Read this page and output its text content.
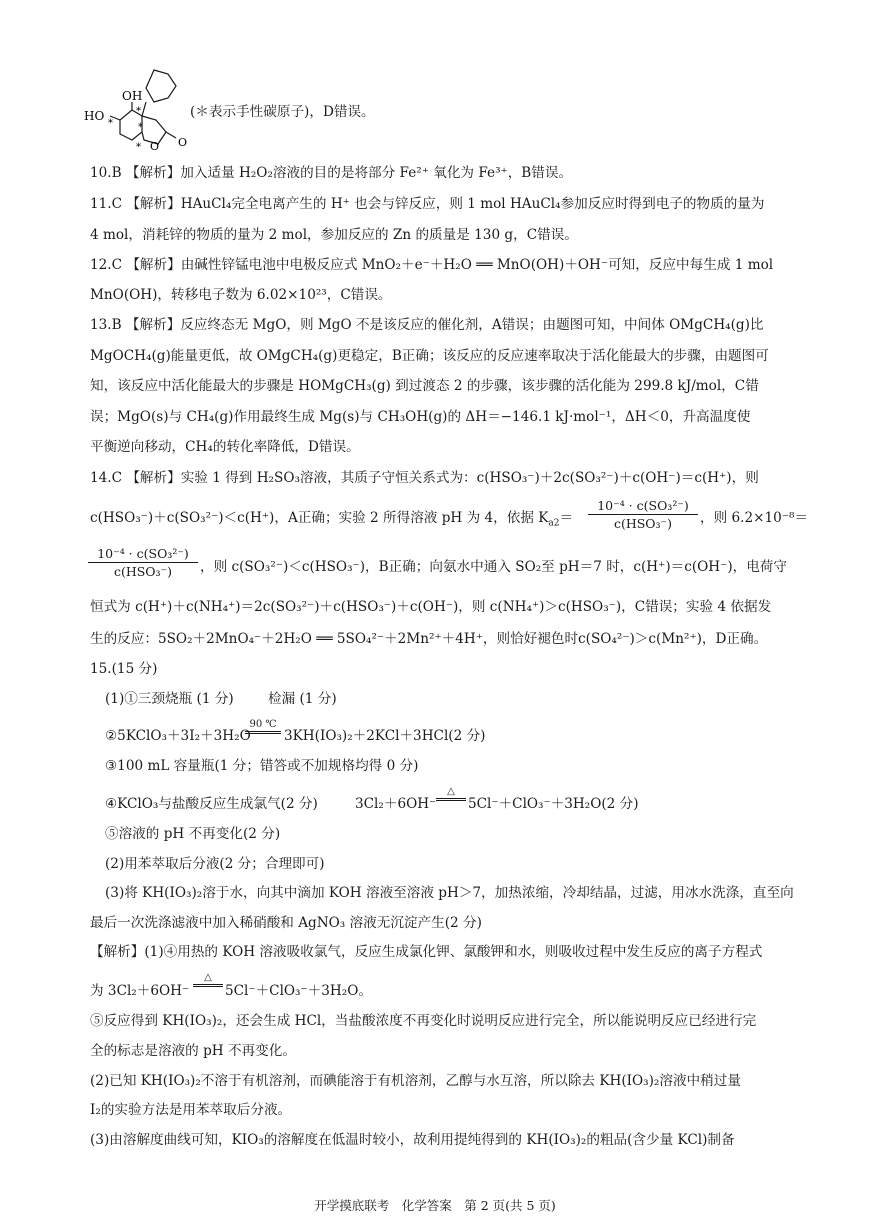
HO
OH
O O
*
*
*
*
(＊表示手性碳原子)，D错误。
10.B 【解析】加入适量 H₂O₂溶液的目的是将部分 Fe²⁺ 氧化为 Fe³⁺，B错误。
11.C 【解析】HAuCl₄完全电离产生的 H⁺ 也会与锌反应，则 1 mol HAuCl₄参加反应时得到电子的物质的量为
4 mol，消耗锌的物质的量为 2 mol，参加反应的 Zn 的质量是 130 g，C错误。
12.C 【解析】由碱性锌锰电池中电极反应式 MnO₂＋e⁻＋H₂O ══ MnO(OH)＋OH⁻可知，反应中每生成 1 mol
MnO(OH)，转移电子数为 6.02×10²³，C错误。
13.B 【解析】反应终态无 MgO，则 MgO 不是该反应的催化剂，A错误；由题图可知，中间体 OMgCH₄(g)比
MgOCH₄(g)能量更低，故 OMgCH₄(g)更稳定，B正确；该反应的反应速率取决于活化能最大的步骤，由题图可
知，该反应中活化能最大的步骤是 HOMgCH₃(g) 到过渡态 2 的步骤，该步骤的活化能为 299.8 kJ/mol，C错
误；MgO(s)与 CH₄(g)作用最终生成 Mg(s)与 CH₃OH(g)的 ΔH＝−146.1 kJ·mol⁻¹，ΔH＜0，升高温度使
平衡逆向移动，CH₄的转化率降低，D错误。
14.C 【解析】实验 1 得到 H₂SO₃溶液，其质子守恒关系式为：c(HSO₃⁻)＋2c(SO₃²⁻)＋c(OH⁻)＝c(H⁺)，则
c(HSO₃⁻)＋c(SO₃²⁻)＜c(H⁺)，A正确；实验 2 所得溶液 pH 为 4，依据 $K_{a2}=$
10⁻⁴ · c(SO₃²⁻)
c(HSO₃⁻)	，则 6.2×10⁻⁸＝
10⁻⁴ · c(SO₃²⁻)
c(HSO₃⁻)	，则 c(SO₃²⁻)＜c(HSO₃⁻)，B正确；向氨水中通入 SO₂至 pH＝7 时，c(H⁺)＝c(OH⁻)，电荷守
恒式为 c(H⁺)＋c(NH₄⁺)＝2c(SO₃²⁻)＋c(HSO₃⁻)＋c(OH⁻)，则 c(NH₄⁺)＞c(HSO₃⁻)，C错误；实验 4 依据发
生的反应：5SO₂＋2MnO₄⁻＋2H₂O ══ 5SO₄²⁻＋2Mn²⁺＋4H⁺，则恰好褪色时c(SO₄²⁻)＞c(Mn²⁺)，D正确。
15.(15 分)
(1)①三颈烧瓶 (1 分)	检漏 (1 分)
②5KClO₃＋3I₂＋3H₂O
90 ℃
3KH(IO₃)₂＋2KCl＋3HCl(2 分)
③100 mL 容量瓶(1 分；错答或不加规格均得 0 分)
④KClO₃与盐酸反应生成氯气(2 分)	3Cl₂＋6OH⁻
△
5Cl⁻＋ClO₃⁻＋3H₂O(2 分)
⑤溶液的 pH 不再变化(2 分)
(2)用苯萃取后分液(2 分；合理即可)
(3)将 KH(IO₃)₂溶于水，向其中滴加 KOH 溶液至溶液 pH＞7，加热浓缩，冷却结晶，过滤，用冰水洗涤，直至向
最后一次洗涤滤液中加入稀硝酸和 AgNO₃ 溶液无沉淀产生(2 分)
【解析】(1)④用热的 KOH 溶液吸收氯气，反应生成氯化钾、氯酸钾和水，则吸收过程中发生反应的离子方程式
为 3Cl₂＋6OH⁻
△
5Cl⁻＋ClO₃⁻＋3H₂O。
⑤反应得到 KH(IO₃)₂，还会生成 HCl，当盐酸浓度不再变化时说明反应进行完全，所以能说明反应已经进行完
全的标志是溶液的 pH 不再变化。
(2)已知 KH(IO₃)₂不溶于有机溶剂，而碘能溶于有机溶剂，乙醇与水互溶，所以除去 KH(IO₃)₂溶液中稍过量
I₂的实验方法是用苯萃取后分液。
(3)由溶解度曲线可知，KIO₃的溶解度在低温时较小，故利用提纯得到的 KH(IO₃)₂的粗品(含少量 KCl)制备
开学摸底联考　化学答案　第 2 页(共 5 页)
